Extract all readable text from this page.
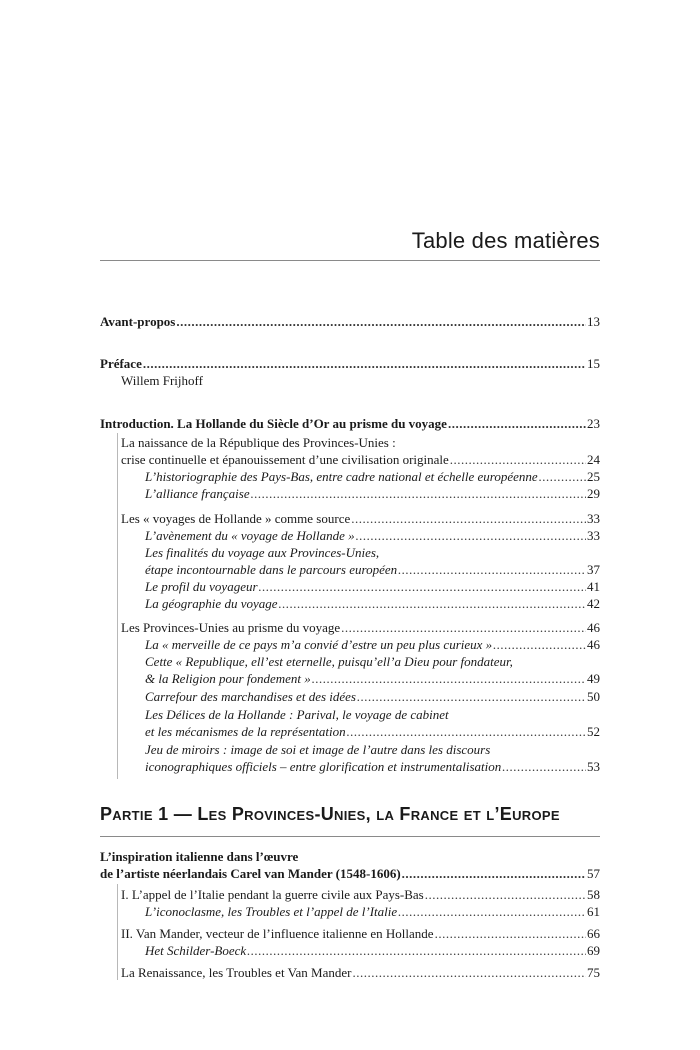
Table des matières
Avant-propos .....	13
Préface .....	15
Willem Frijhoff
Introduction. La Hollande du Siècle d’Or au prisme du voyage .....	23
La naissance de la République des Provinces-Unies :
crise continuelle et épanouissement d’une civilisation originale .....	24
L’historiographie des Pays-Bas, entre cadre national et échelle européenne .....	25
L’alliance française .....	29
Les « voyages de Hollande » comme source .....	33
L’avènement du « voyage de Hollande » .....	33
Les finalités du voyage aux Provinces-Unies,
étape incontournable dans le parcours européen .....	37
Le profil du voyageur .....	41
La géographie du voyage .....	42
Les Provinces-Unies au prisme du voyage .....	46
La « merveille de ce pays m’a convié d’estre un peu plus curieux » .....	46
Cette « Republique, ell’est eternelle, puisqu’ell’a Dieu pour fondateur,
& la Religion pour fondement » .....	49
Carrefour des marchandises et des idées .....	50
Les Délices de la Hollande : Parival, le voyage de cabinet
et les mécanismes de la représentation .....	52
Jeu de miroirs : image de soi et image de l’autre dans les discours
iconographiques officiels – entre glorification et instrumentalisation .....	53
L’inspiration italienne dans l’œuvre
de l’artiste néerlandais Carel van Mander (1548-1606) .....	57
I. L’appel de l’Italie pendant la guerre civile aux Pays-Bas .....	58
L’iconoclasme, les Troubles et l’appel de l’Italie .....	61
II. Van Mander, vecteur de l’influence italienne en Hollande .....	66
Het Schilder-Boeck .....	69
La Renaissance, les Troubles et Van Mander .....	75
Partie 1 — Les Provinces-Unies, la France et l’Europe
